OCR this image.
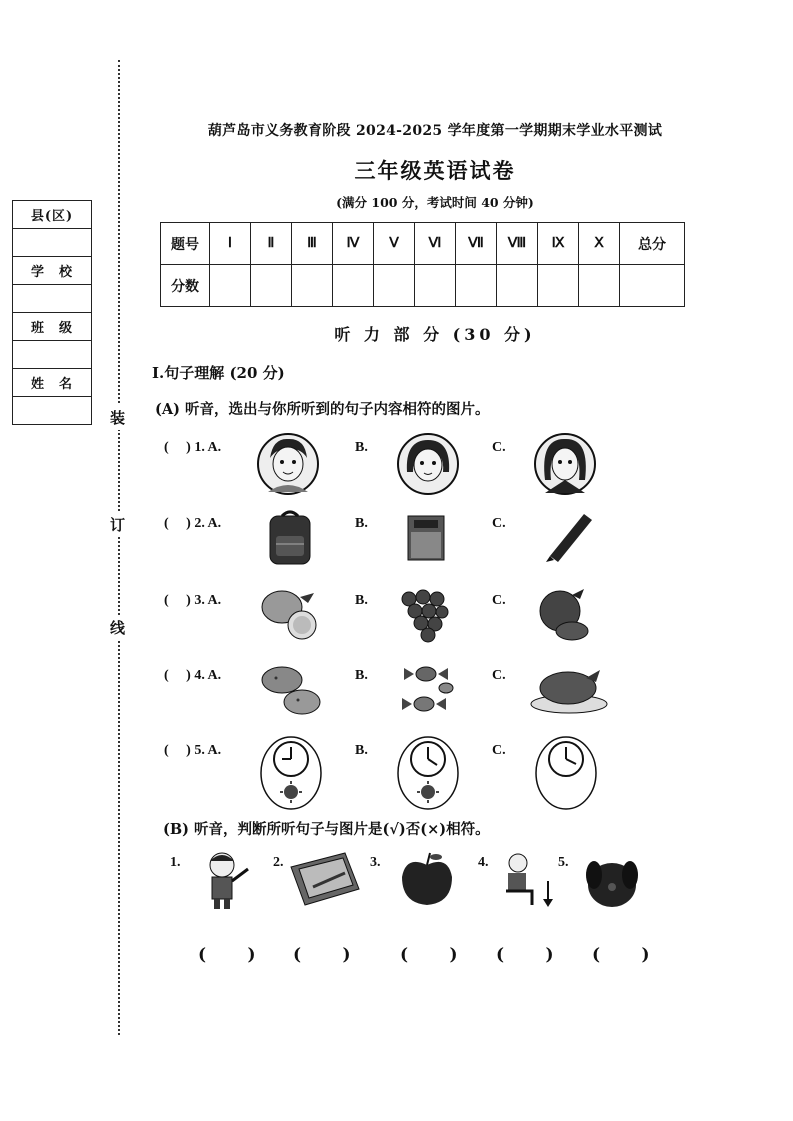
县(区)
学　校
班　级
姓　名
装
订
线
葫芦岛市义务教育阶段 2024-2025 学年度第一学期期末学业水平测试
三年级英语试卷
(满分 100 分，考试时间 40 分钟)
题号	Ⅰ	Ⅱ	Ⅲ	Ⅳ	Ⅴ	Ⅵ	Ⅶ	Ⅷ	Ⅸ	Ⅹ	总分
分数											
听 力 部 分 (30 分)
Ⅰ.句子理解 (20 分)
(A) 听音，选出与你所听到的句子内容相符的图片。
(     ) 1. A.	B.	C.
(     ) 2. A.	B.	C.
(     ) 3. A.	B.	C.
(     ) 4. A.	B.	C.
(     ) 5. A.	B.	C.
(B) 听音，判断所听句子与图片是(√)否(×)相符。
1.	2.	3.	4.	5.
(       ) (       )	(       ) (       ) (       )
